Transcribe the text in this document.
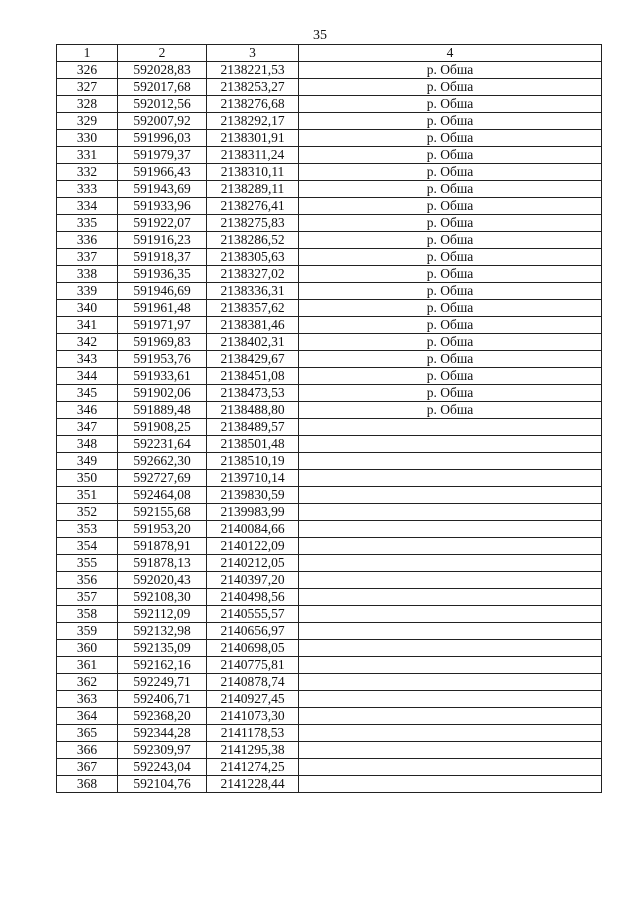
35
1	2	3	4
326	592028,83	2138221,53	р. Обша
327	592017,68	2138253,27	р. Обша
328	592012,56	2138276,68	р. Обша
329	592007,92	2138292,17	р. Обша
330	591996,03	2138301,91	р. Обша
331	591979,37	2138311,24	р. Обша
332	591966,43	2138310,11	р. Обша
333	591943,69	2138289,11	р. Обша
334	591933,96	2138276,41	р. Обша
335	591922,07	2138275,83	р. Обша
336	591916,23	2138286,52	р. Обша
337	591918,37	2138305,63	р. Обша
338	591936,35	2138327,02	р. Обша
339	591946,69	2138336,31	р. Обша
340	591961,48	2138357,62	р. Обша
341	591971,97	2138381,46	р. Обша
342	591969,83	2138402,31	р. Обша
343	591953,76	2138429,67	р. Обша
344	591933,61	2138451,08	р. Обша
345	591902,06	2138473,53	р. Обша
346	591889,48	2138488,80	р. Обша
347	591908,25	2138489,57	
348	592231,64	2138501,48	
349	592662,30	2138510,19	
350	592727,69	2139710,14	
351	592464,08	2139830,59	
352	592155,68	2139983,99	
353	591953,20	2140084,66	
354	591878,91	2140122,09	
355	591878,13	2140212,05	
356	592020,43	2140397,20	
357	592108,30	2140498,56	
358	592112,09	2140555,57	
359	592132,98	2140656,97	
360	592135,09	2140698,05	
361	592162,16	2140775,81	
362	592249,71	2140878,74	
363	592406,71	2140927,45	
364	592368,20	2141073,30	
365	592344,28	2141178,53	
366	592309,97	2141295,38	
367	592243,04	2141274,25	
368	592104,76	2141228,44	
